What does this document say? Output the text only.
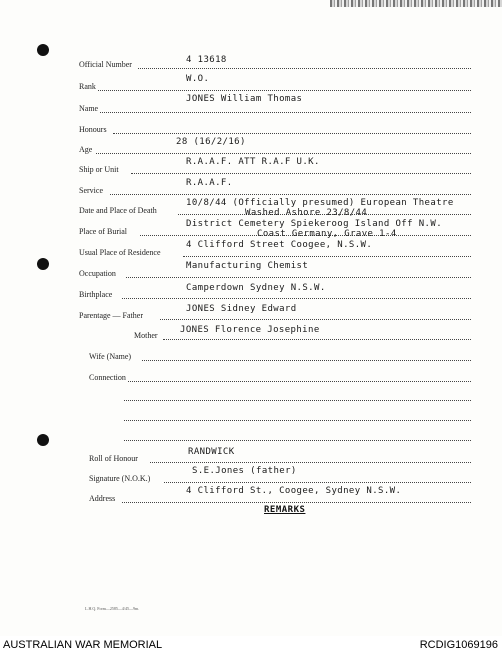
Official Number	4 13618
Rank
W.O.
Name
JONES William Thomas
Honours
Age
28 (16/2/16)
Ship or Unit
R.A.A.F. ATT R.A.F U.K.
Service
R.A.A.F.
Date and Place of Death
10/8/44 (Officially presumed) European Theatre
Washed Ashore 23/8/44
Place of Burial
District Cemetery Spiekeroog Island Off N.W.
Coast Germany, Grave 1-4
Usual Place of Residence
4 Clifford Street Coogee, N.S.W.
Occupation
Manufacturing Chemist
Birthplace
Camperdown Sydney N.S.W.
Parentage — Father
JONES Sidney Edward
Mother
JONES Florence Josephine
Wife (Name)
Connection
Roll of Honour
RANDWICK
Signature (N.O.K.)
S.E.Jones (father)
Address
4 Clifford St., Coogee, Sydney N.S.W.
REMARKS
L.H.Q. Form—2585—4/45—9m.
AUSTRALIAN WAR MEMORIAL	RCDIG1069196
